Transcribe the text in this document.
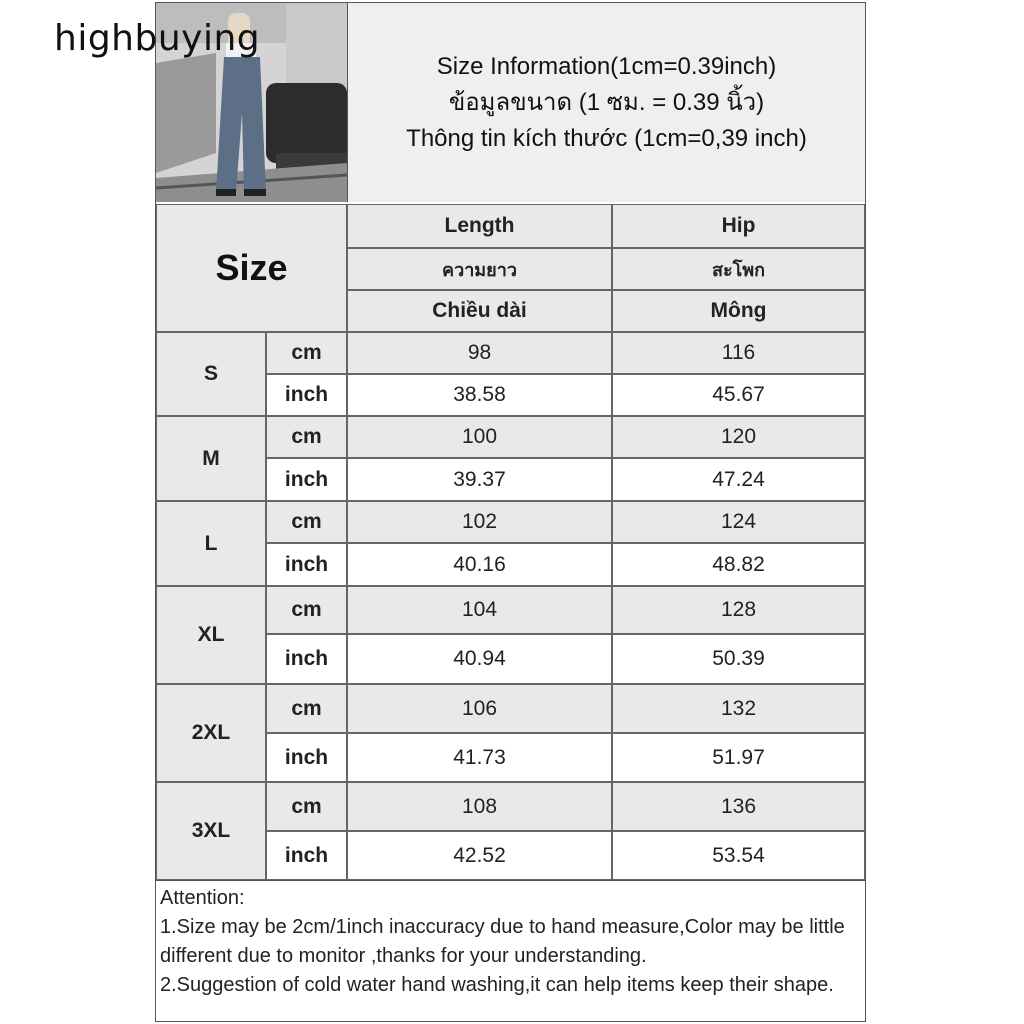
highbuying
Size Information(1cm=0.39inch)
ข้อมูลขนาด (1 ซม. = 0.39 นิ้ว)
Thông tin kích thước (1cm=0,39 inch)
Size
Length	Hip
ความยาว	สะโพก
Chiều dài	Mông
S
cm	98	116
inch	38.58	45.67
M
cm	100	120
inch	39.37	47.24
L
cm	102	124
inch	40.16	48.82
XL
cm	104	128
inch	40.94	50.39
2XL
cm	106	132
inch	41.73	51.97
3XL
cm	108	136
inch	42.52	53.54
Attention:
1.Size may be 2cm/1inch inaccuracy due to hand measure,Color may be little different due to monitor ,thanks for your understanding.
2.Suggestion of cold water hand washing,it can help items keep their shape.
